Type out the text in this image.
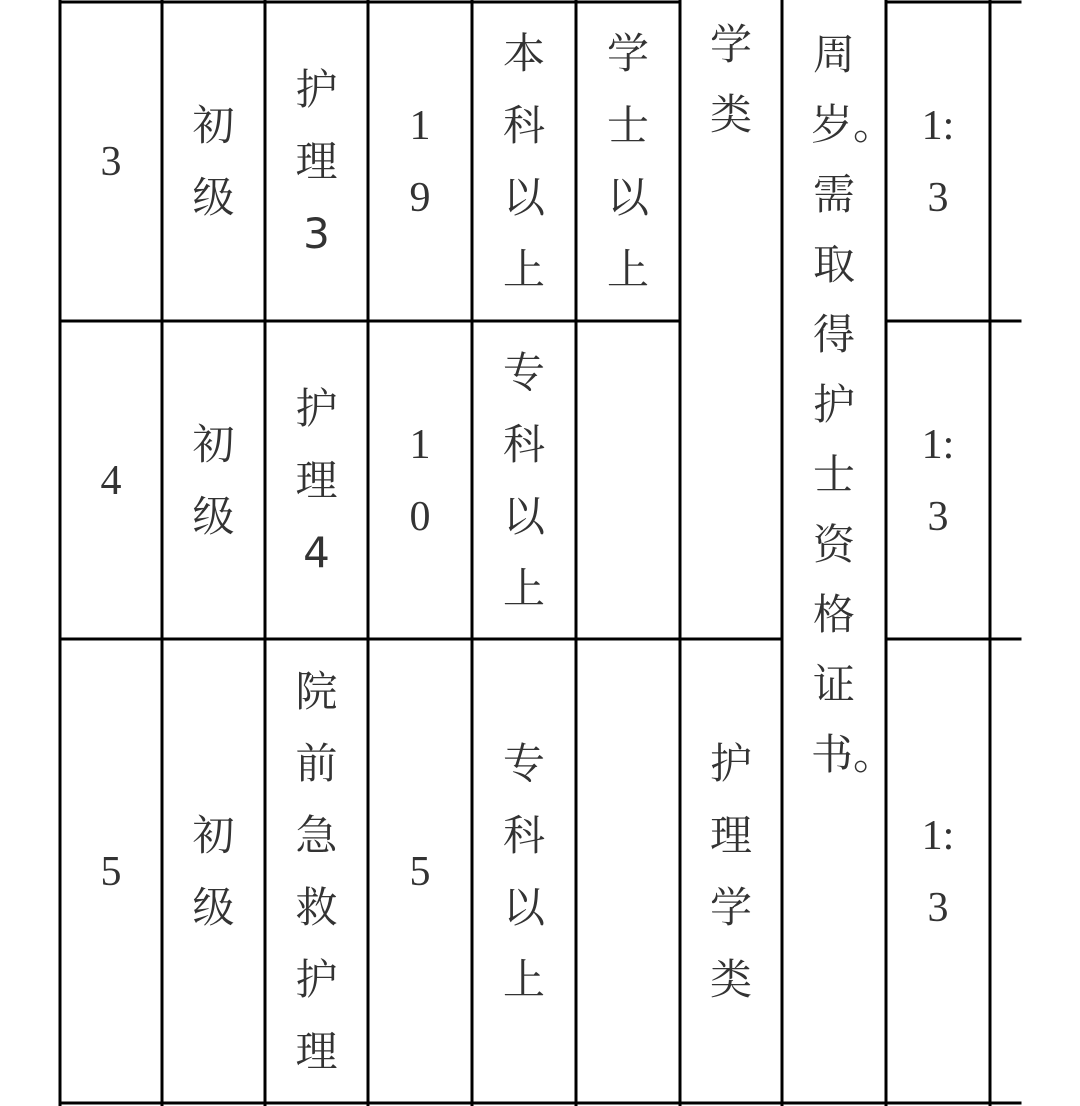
3
初级
护理3
19
本科以上
学士以上
1:3
4
初级
护理4
10
专科以上
1:3
5
初级
院前急救护理
5
专科以上
1:3
学类
护理学类
周岁。需取得护士资格证书。
